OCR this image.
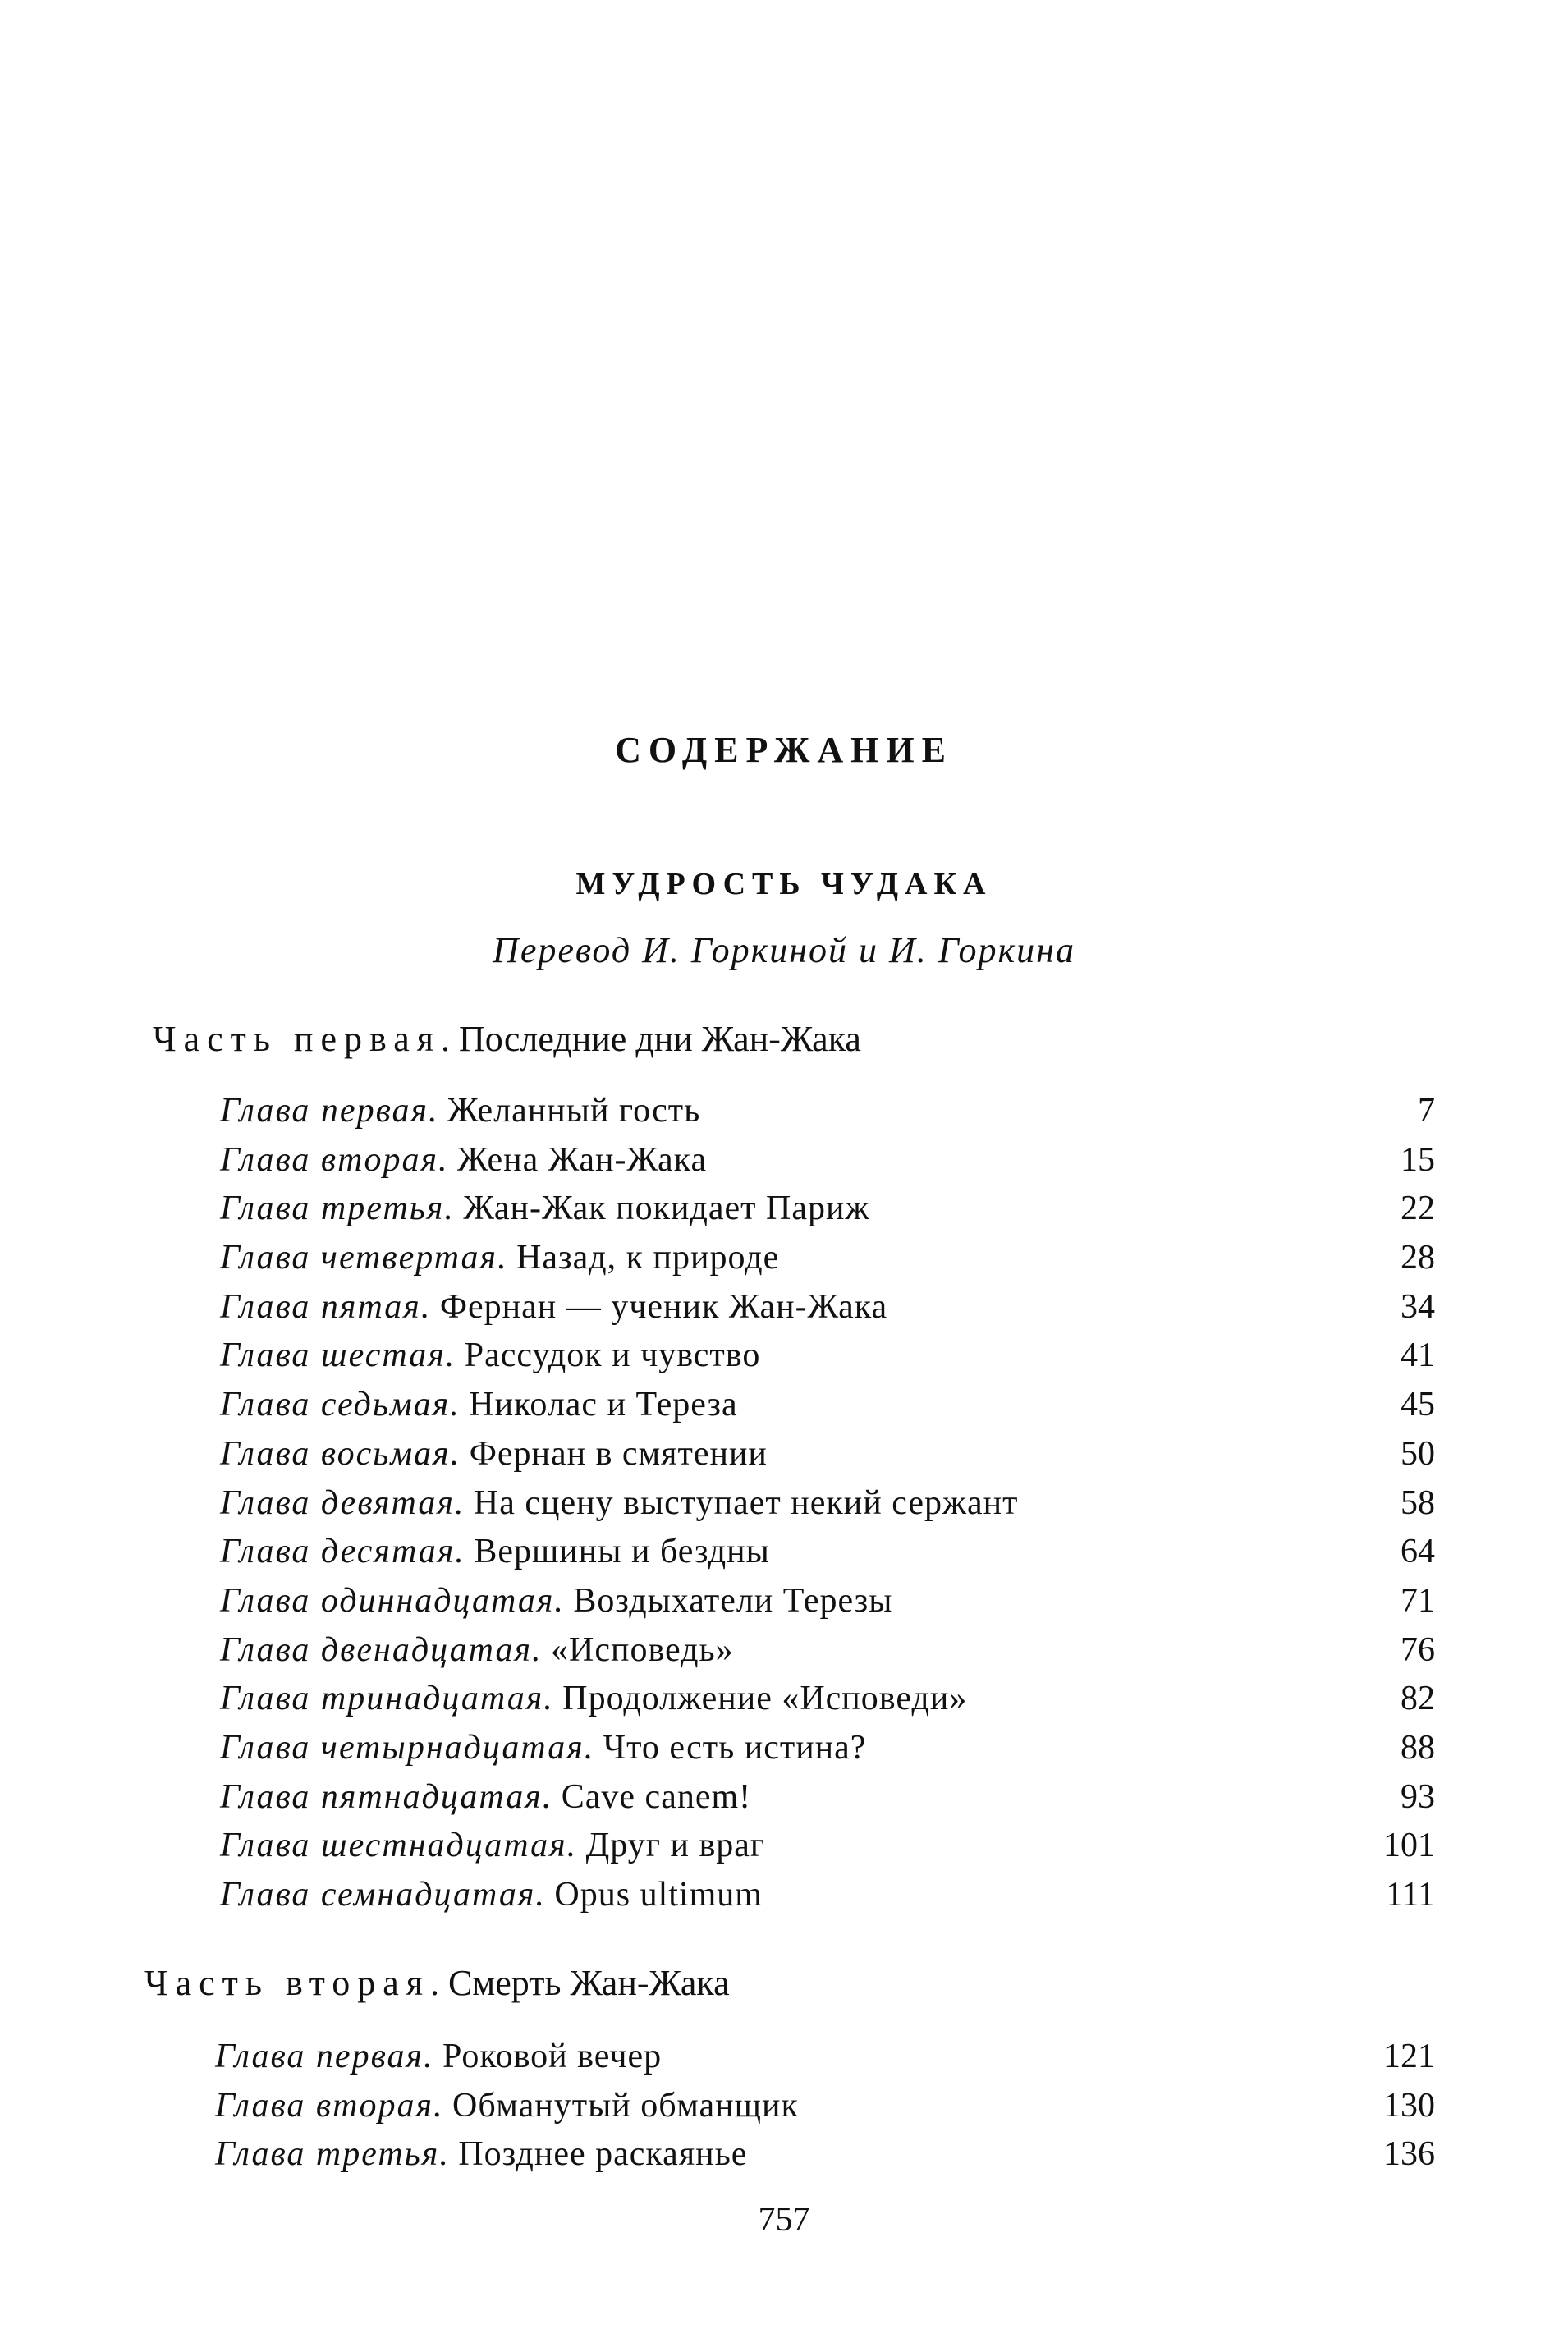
СОДЕРЖАНИЕ
МУДРОСТЬ ЧУДАКА
Перевод И. Горкиной и И. Горкина
Часть первая. Последние дни Жан-Жака
Глава первая. Желанный гость	7
Глава вторая. Жена Жан-Жака	15
Глава третья. Жан-Жак покидает Париж	22
Глава четвертая. Назад, к природе	28
Глава пятая. Фернан — ученик Жан-Жака	34
Глава шестая. Рассудок и чувство	41
Глава седьмая. Николас и Тереза	45
Глава восьмая. Фернан в смятении	50
Глава девятая. На сцену выступает некий сержант	58
Глава десятая. Вершины и бездны	64
Глава одиннадцатая. Воздыхатели Терезы	71
Глава двенадцатая. «Исповедь»	76
Глава тринадцатая. Продолжение «Исповеди»	82
Глава четырнадцатая. Что есть истина?	88
Глава пятнадцатая. Cave canem!	93
Глава шестнадцатая. Друг и враг	101
Глава семнадцатая. Opus ultimum	111
Часть вторая. Смерть Жан-Жака
Глава первая. Роковой вечер	121
Глава вторая. Обманутый обманщик	130
Глава третья. Позднее раскаянье	136
757
